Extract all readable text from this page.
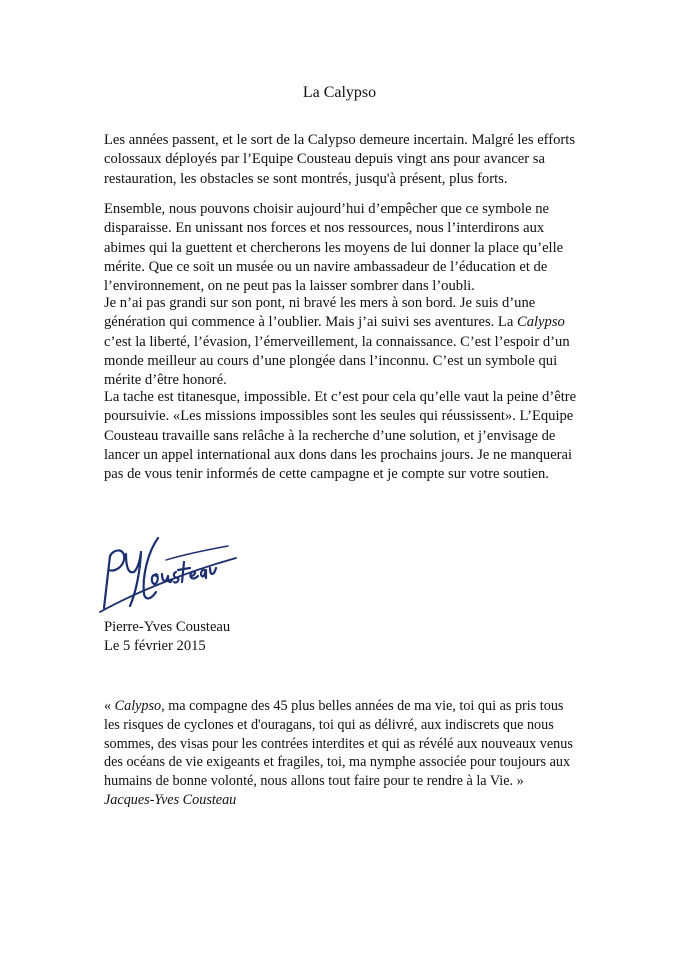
La Calypso

Les années passent, et le sort de la Calypso demeure incertain. Malgré les efforts colossaux déployés par l’Equipe Cousteau depuis vingt ans pour avancer sa restauration, les obstacles se sont montrés, jusqu'à présent, plus forts.

Ensemble, nous pouvons choisir aujourd’hui d’empêcher que ce symbole ne disparaisse. En unissant nos forces et nos ressources, nous l’interdirons aux abimes qui la guettent et chercherons les moyens de lui donner la place qu’elle mérite. Que ce soit un musée ou un navire ambassadeur de l’éducation et de l’environnement, on ne peut pas la laisser sombrer dans l’oubli.

Je n’ai pas grandi sur son pont, ni bravé les mers à son bord. Je suis d’une génération qui commence à l’oublier. Mais j’ai suivi ses aventures. La Calypso c’est la liberté, l’évasion, l’émerveillement, la connaissance. C’est l’espoir d’un monde meilleur au cours d’une plongée dans l’inconnu. C’est un symbole qui mérite d’être honoré.

La tache est titanesque, impossible. Et c’est pour cela qu’elle vaut la peine d’être poursuivie. «Les missions impossibles sont les seules qui réussissent». L’Equipe Cousteau travaille sans relâche à la recherche d’une solution, et j’envisage de lancer un appel international aux dons dans les prochains jours. Je ne manquerai pas de vous tenir informés de cette campagne et je compte sur votre soutien.

Pierre-Yves Cousteau
Le 5 février 2015

« Calypso, ma compagne des 45 plus belles années de ma vie, toi qui as pris tous les risques de cyclones et d'ouragans, toi qui as délivré, aux indiscrets que nous sommes, des visas pour les contrées interdites et qui as révélé aux nouveaux venus des océans de vie exigeants et fragiles, toi, ma nymphe associée pour toujours aux humains de bonne volonté, nous allons tout faire pour te rendre à la Vie. »
Jacques-Yves Cousteau
